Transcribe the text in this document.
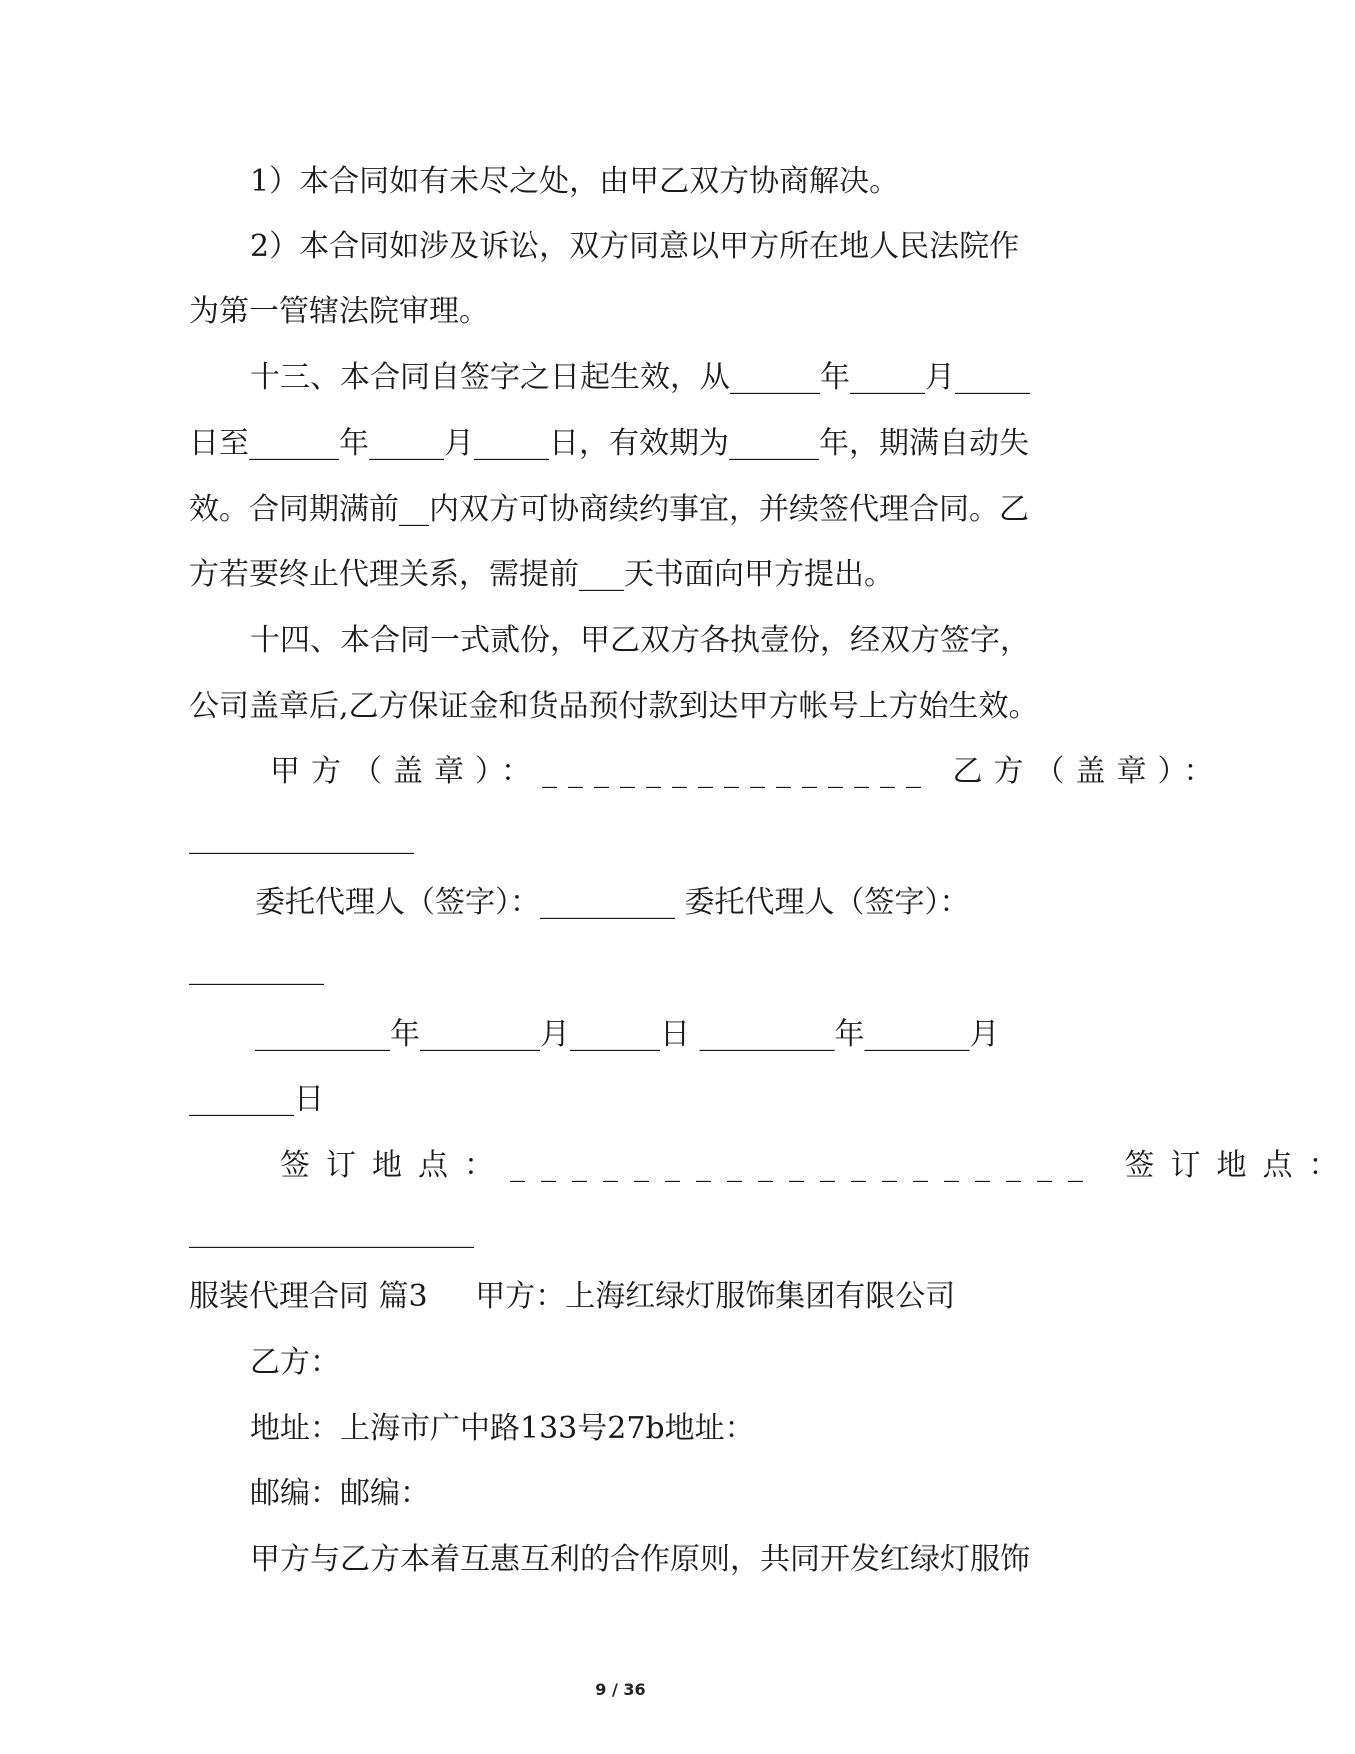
1）本合同如有未尽之处，由甲乙双方协商解决。
2）本合同如涉及诉讼，双方同意以甲方所在地人民法院作
为第一管辖法院审理。
十三、本合同自签字之日起生效，从______年_____月_____
日至______年_____月_____日，有效期为______年，期满自动失
效。合同期满前__内双方可协商续约事宜，并续签代理合同。乙
方若要终止代理关系，需提前___天书面向甲方提出。
十四、本合同一式贰份，甲乙双方各执壹份，经双方签字，
公司盖章后,乙方保证金和货品预付款到达甲方帐号上方始生效。
甲方（盖章）：_______________ 乙方（盖章）：
_______________
委托代理人（签字）：_________ 委托代理人（签字）：
_________
_________年________月______日 _________年_______月
_______日
签订地点：___________________ 签订地点：
___________________
服装代理合同 篇3     甲方：上海红绿灯服饰集团有限公司
乙方：
地址：上海市广中路133号27b地址：
邮编：邮编：
甲方与乙方本着互惠互利的合作原则，共同开发红绿灯服饰
9 / 36
